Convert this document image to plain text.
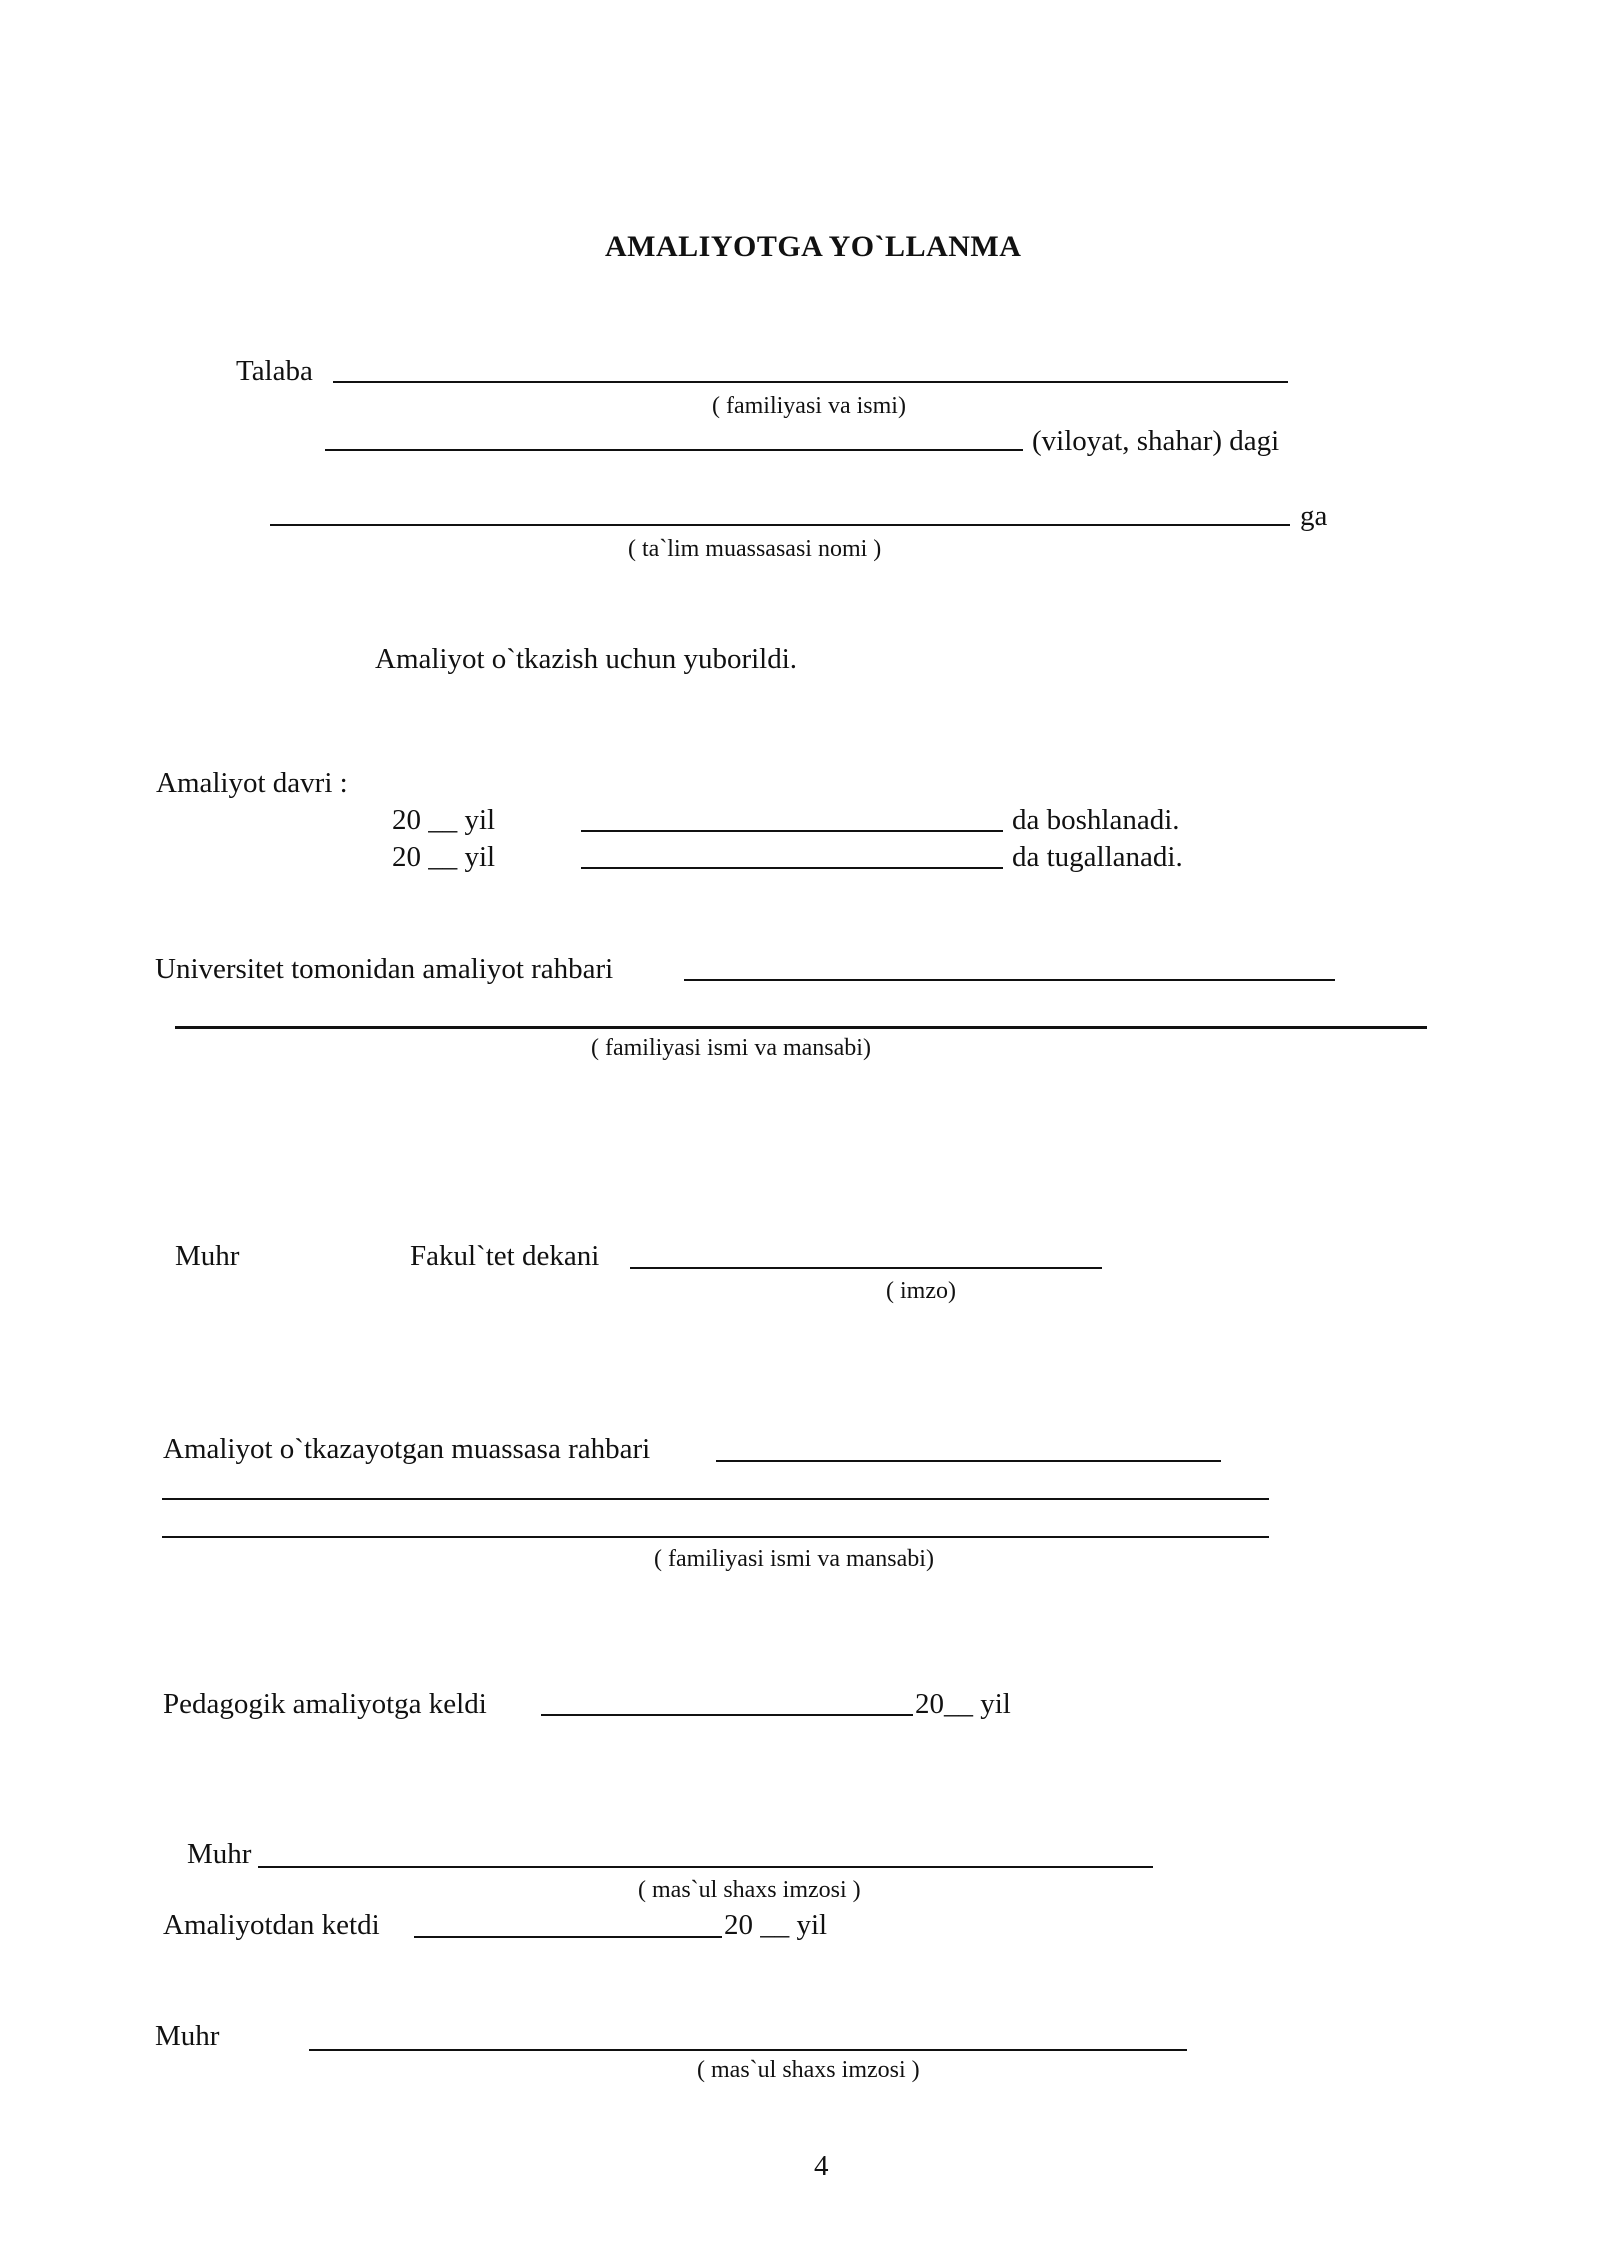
AMALIYOTGA YO`LLANMA
Talaba
( familiyasi va ismi)
(viloyat, shahar) dagi
ga
( ta`lim muassasasi nomi )
Amaliyot o`tkazish uchun yuborildi.
Amaliyot davri :
20 __ yil	da boshlanadi.
20 __ yil	da tugallanadi.
Universitet tomonidan amaliyot rahbari
( familiyasi ismi va mansabi)
Muhr	Fakul`tet dekani
( imzo)
Amaliyot o`tkazayotgan muassasa rahbari
( familiyasi ismi va mansabi)
Pedagogik amaliyotga keldi	20__ yil
Muhr
( mas`ul shaxs imzosi )
Amaliyotdan ketdi	20 __ yil
Muhr
( mas`ul shaxs imzosi )
4
